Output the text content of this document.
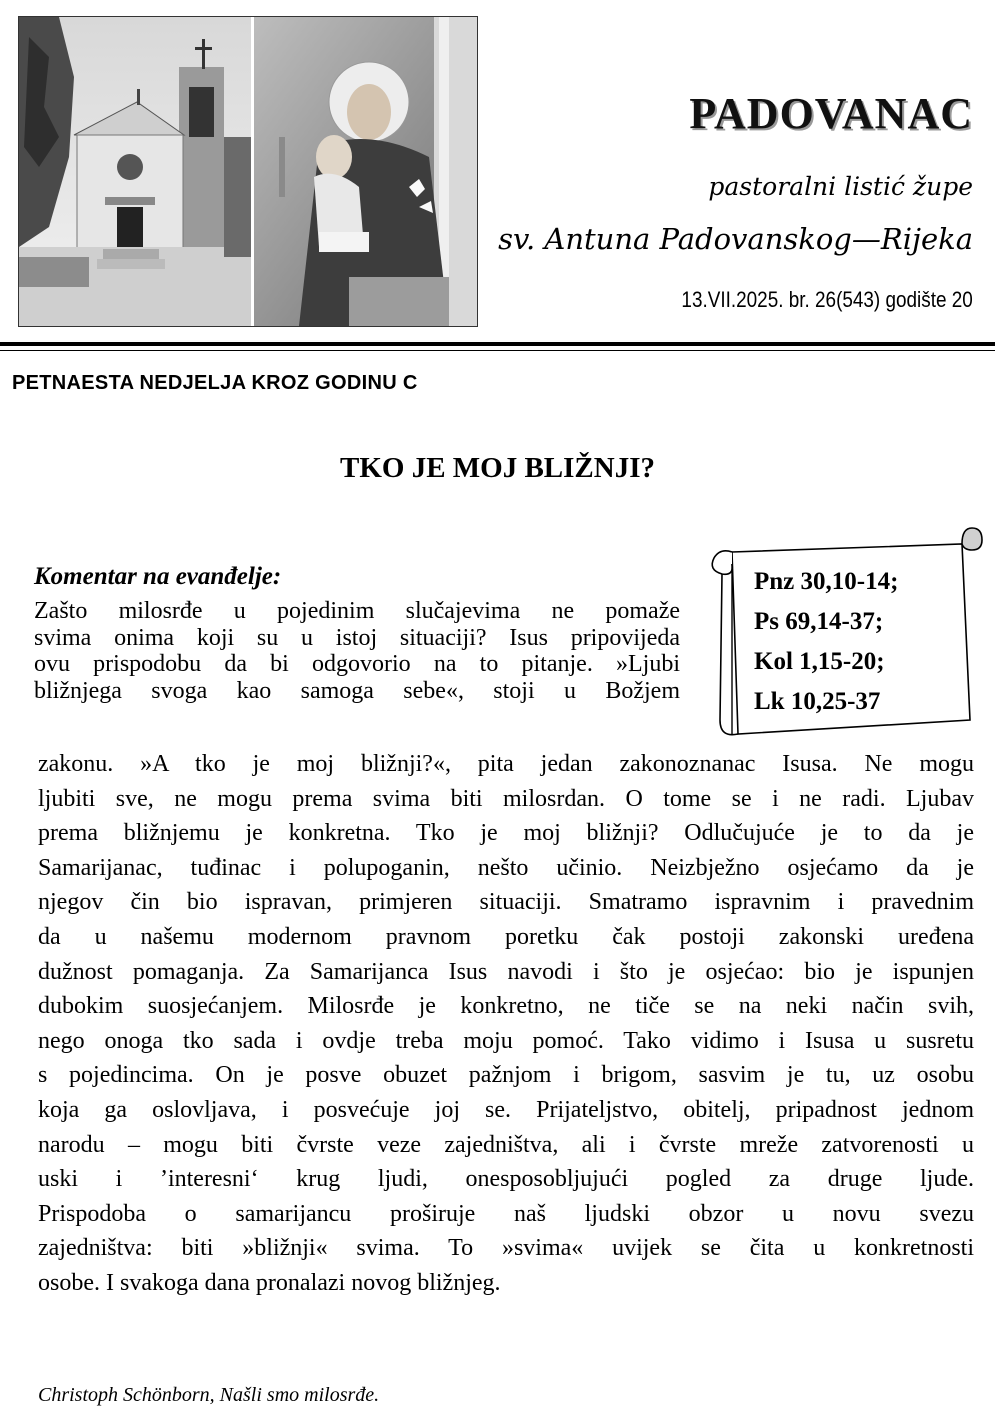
PADOVANAC
pastoralni listić župe
sv. Antuna Padovanskog—Rijeka
13.VII.2025. br. 26(543) godište 20
PETNAESTA NEDJELJA KROZ GODINU C
TKO JE MOJ BLIŽNJI?
Pnz 30,10-14;
Ps 69,14-37;
Kol 1,15-20;
Lk 10,25-37
Komentar na evanđelje:
Zašto milosrđe u pojedinim slučajevima ne pomaže
svima onima koji su u istoj situaciji? Isus pripovijeda
ovu prispodobu da bi odgovorio na to pitanje. »Ljubi
bližnjega svoga kao samoga sebe«, stoji u Božjem
zakonu. »A tko je moj bližnji?«, pita jedan zakonoznanac Isusa. Ne mogu
ljubiti sve, ne mogu prema svima biti milosrdan. O tome se i ne radi. Ljubav
prema bližnjemu je konkretna. Tko je moj bližnji? Odlučujuće je to da je
Samarijanac, tuđinac i polupoganin, nešto učinio. Neizbježno osjećamo da je
njegov čin bio ispravan, primjeren situaciji. Smatramo ispravnim i pravednim
da u našemu modernom pravnom poretku čak postoji zakonski uređena
dužnost pomaganja. Za Samarijanca Isus navodi i što je osjećao: bio je ispunjen
dubokim suosjećanjem. Milosrđe je konkretno, ne tiče se na neki način svih,
nego onoga tko sada i ovdje treba moju pomoć. Tako vidimo i Isusa u susretu
s pojedincima. On je posve obuzet pažnjom i brigom, sasvim je tu, uz osobu
koja ga oslovljava, i posvećuje joj se. Prijateljstvo, obitelj, pripadnost jednom
narodu – mogu biti čvrste veze zajedništva, ali i čvrste mreže zatvorenosti u
uski i ’interesni‘ krug ljudi, onesposobljujući pogled za druge ljude.
Prispodoba o samarijancu proširuje naš ljudski obzor u novu svezu
zajedništva: biti »bližnji« svima. To »svima« uvijek se čita u konkretnosti
osobe. I svakoga dana pronalazi novog bližnjeg.
Christoph Schönborn, Našli smo milosrđe.
